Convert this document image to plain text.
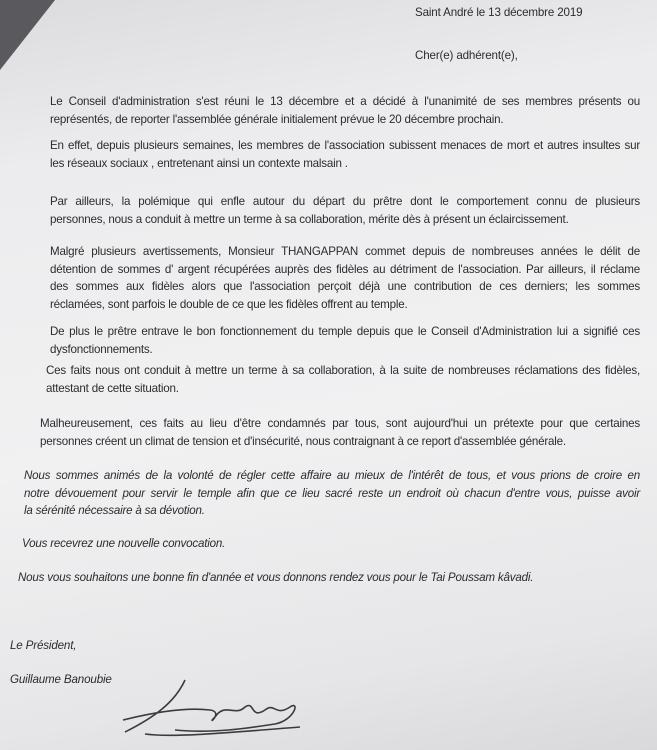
Saint André le 13 décembre 2019
Cher(e) adhérent(e),
Le Conseil d'administration s'est réuni le 13 décembre et a décidé à l'unanimité de ses membres présents ou
représentés, de reporter l'assemblée générale initialement prévue le 20 décembre prochain.
En effet, depuis plusieurs semaines, les membres de l'association subissent menaces de mort et autres insultes sur
les réseaux sociaux , entretenant ainsi un contexte malsain .
Par ailleurs, la polémique qui enfle autour du départ du prêtre dont le comportement connu de plusieurs
personnes, nous a conduit à mettre un terme à sa collaboration, mérite dès à présent un éclaircissement.
Malgré plusieurs avertissements, Monsieur THANGAPPAN commet depuis de nombreuses années le délit de
détention de sommes d' argent récupérées auprès des fidèles au détriment de l'association. Par ailleurs, il réclame
des sommes aux fidèles alors que l'association perçoit déjà une contribution de ces derniers; les sommes
réclamées, sont parfois le double de ce que les fidèles offrent au temple.
De plus le prêtre entrave le bon fonctionnement du temple depuis que le Conseil d'Administration lui a signifié ces
dysfonctionnements.
Ces faits nous ont conduit à mettre un terme à sa collaboration, à la suite de nombreuses réclamations des fidèles,
attestant de cette situation.
Malheureusement, ces faits au lieu d'être condamnés par tous, sont aujourd'hui un prétexte pour que certaines
personnes créent un climat de tension et d'insécurité, nous contraignant à ce report d'assemblée générale.
Nous sommes animés de la volonté de régler cette affaire au mieux de l'intérêt de tous, et vous prions de croire en
notre dévouement pour servir le temple afin que ce lieu sacré reste un endroit où chacun d'entre vous, puisse avoir
la sérénité nécessaire à sa dévotion.
Vous recevrez une nouvelle convocation.
Nous vous souhaitons une bonne fin d'année et vous donnons rendez vous pour le Tai Poussam kâvadi.
Le Président,
Guillaume Banoubie
